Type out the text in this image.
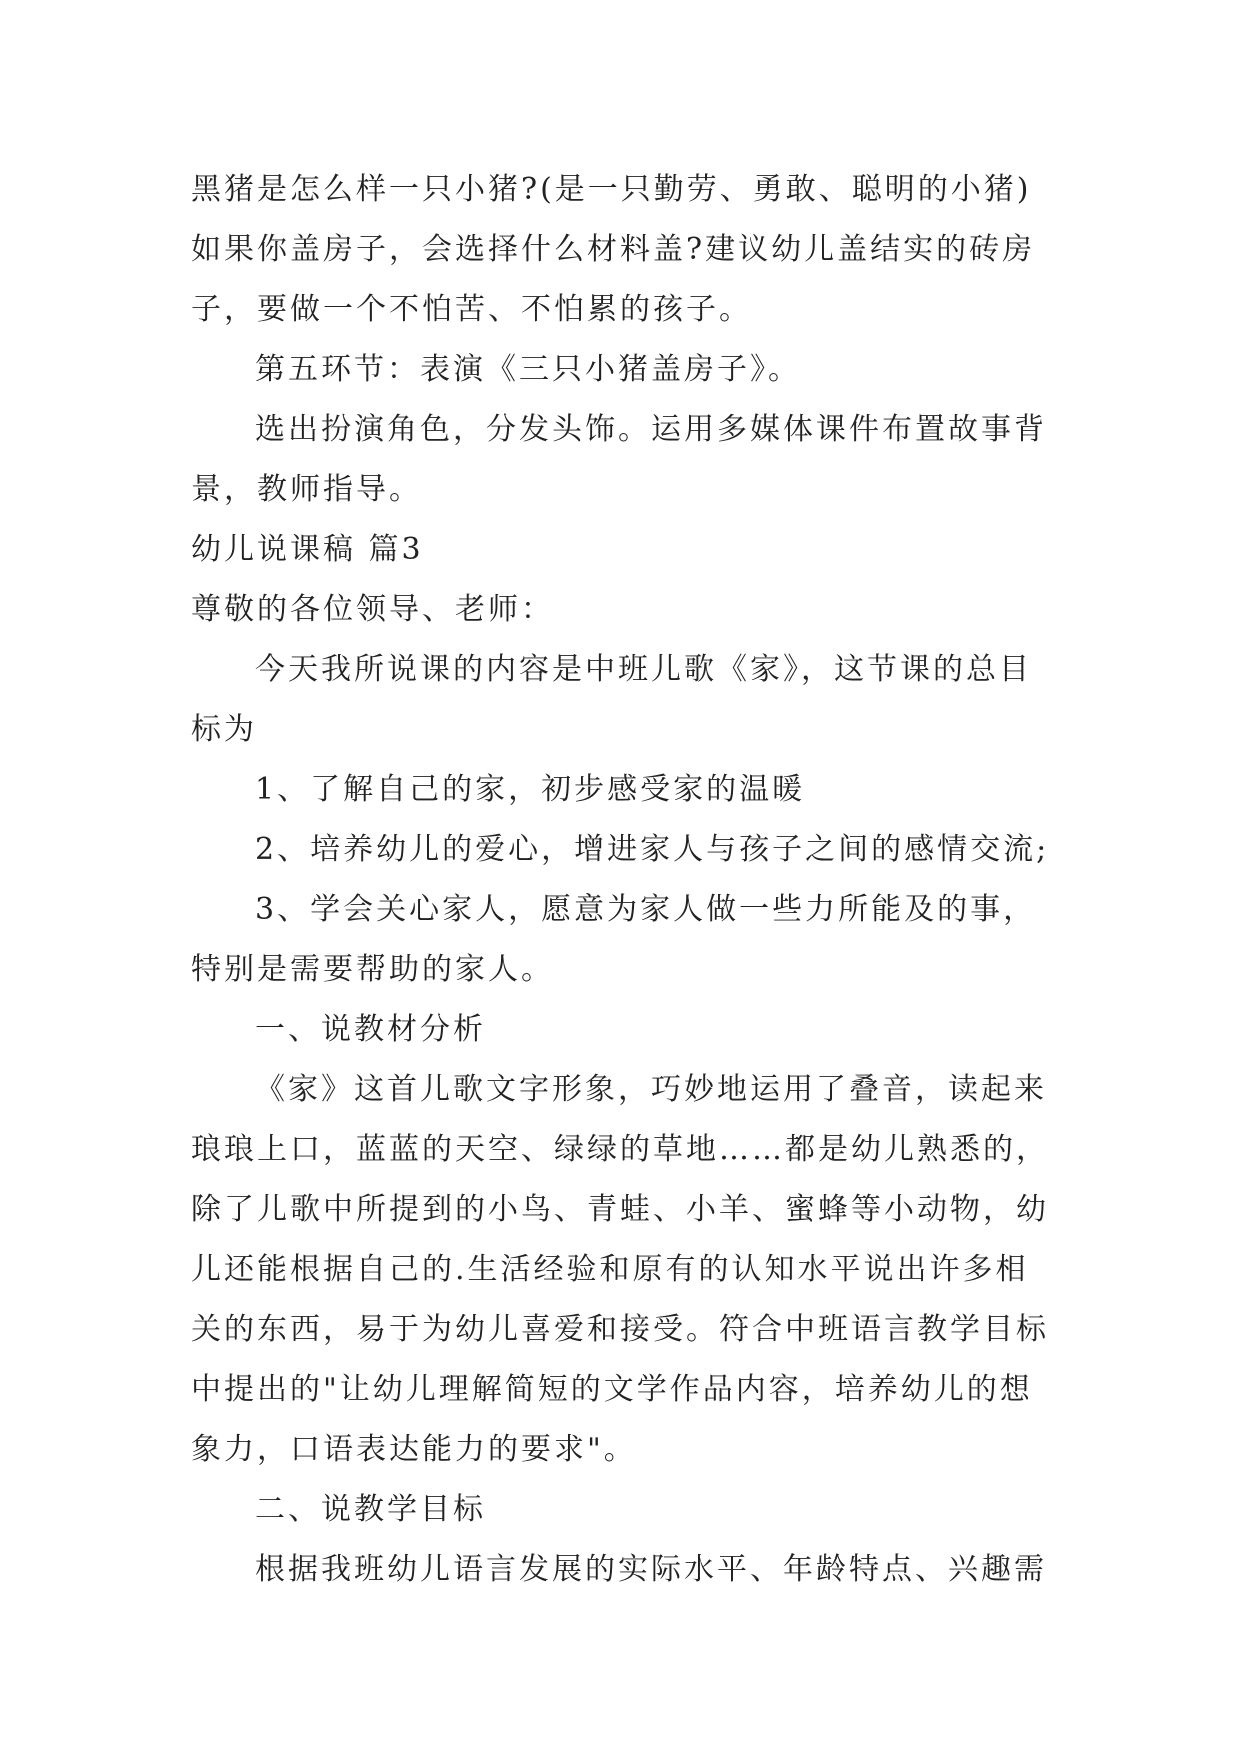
黑猪是怎么样一只小猪?(是一只勤劳、勇敢、聪明的小猪)

如果你盖房子，会选择什么材料盖?建议幼儿盖结实的砖房

子，要做一个不怕苦、不怕累的孩子。

第五环节：表演《三只小猪盖房子》。

选出扮演角色，分发头饰。运用多媒体课件布置故事背

景，教师指导。

幼儿说课稿 篇3

尊敬的各位领导、老师：

今天我所说课的内容是中班儿歌《家》，这节课的总目

标为

1、了解自己的家，初步感受家的温暖

2、培养幼儿的爱心，增进家人与孩子之间的感情交流;

3、学会关心家人，愿意为家人做一些力所能及的事，

特别是需要帮助的家人。

一、说教材分析

《家》这首儿歌文字形象，巧妙地运用了叠音，读起来

琅琅上口，蓝蓝的天空、绿绿的草地……都是幼儿熟悉的，

除了儿歌中所提到的小鸟、青蛙、小羊、蜜蜂等小动物，幼

儿还能根据自己的.生活经验和原有的认知水平说出许多相

关的东西，易于为幼儿喜爱和接受。符合中班语言教学目标

中提出的"让幼儿理解简短的文学作品内容，培养幼儿的想

象力，口语表达能力的要求"。

二、说教学目标

根据我班幼儿语言发展的实际水平、年龄特点、兴趣需
